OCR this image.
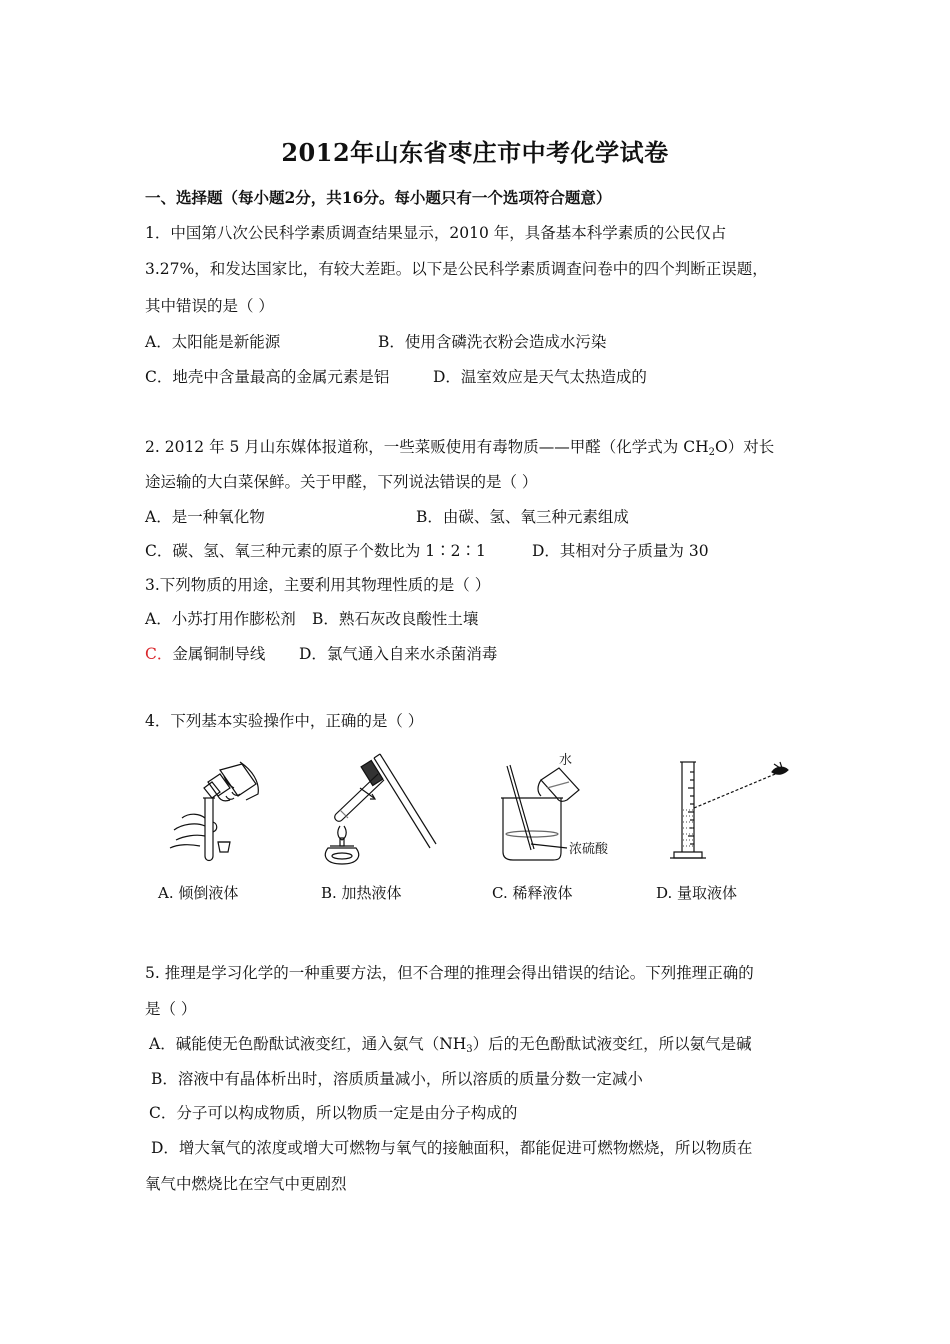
2012年山东省枣庄市中考化学试卷
一、选择题（每小题2分，共16分。每小题只有一个选项符合题意）
1．中国第八次公民科学素质调查结果显示，2010 年，具备基本科学素质的公民仅占
3.27%，和发达国家比，有较大差距。以下是公民科学素质调查问卷中的四个判断正误题，
其中错误的是（ ）
A．太阳能是新能源	B．使用含磷洗衣粉会造成水污染
C．地壳中含量最高的金属元素是铝	D．温室效应是天气太热造成的
2. 2012 年 5 月山东媒体报道称，一些菜贩使用有毒物质——甲醛（化学式为 $CH_2O$）对长
途运输的大白菜保鲜。关于甲醛，下列说法错误的是（ ）
A．是一种氧化物	B．由碳、氢、氧三种元素组成
C．碳、氢、氧三种元素的原子个数比为 1∶2∶1	D．其相对分子质量为 30
3.下列物质的用途，主要利用其物理性质的是（ ）
A．小苏打用作膨松剂 B．熟石灰改良酸性土壤
C．金属铜制导线 D．氯气通入自来水杀菌消毒
4．下列基本实验操作中，正确的是（ ）
水
浓硫酸
A. 倾倒液体	B. 加热液体	C. 稀释液体	D. 量取液体
5. 推理是学习化学的一种重要方法，但不合理的推理会得出错误的结论。下列推理正确的
是（ ）
A．碱能使无色酚酞试液变红，通入氨气$(NH_3)$后的无色酚酞试液变红，所以氨气是碱
B．溶液中有晶体析出时，溶质质量减小，所以溶质的质量分数一定减小
C．分子可以构成物质，所以物质一定是由分子构成的
D．增大氧气的浓度或增大可燃物与氧气的接触面积，都能促进可燃物燃烧，所以物质在
氧气中燃烧比在空气中更剧烈
